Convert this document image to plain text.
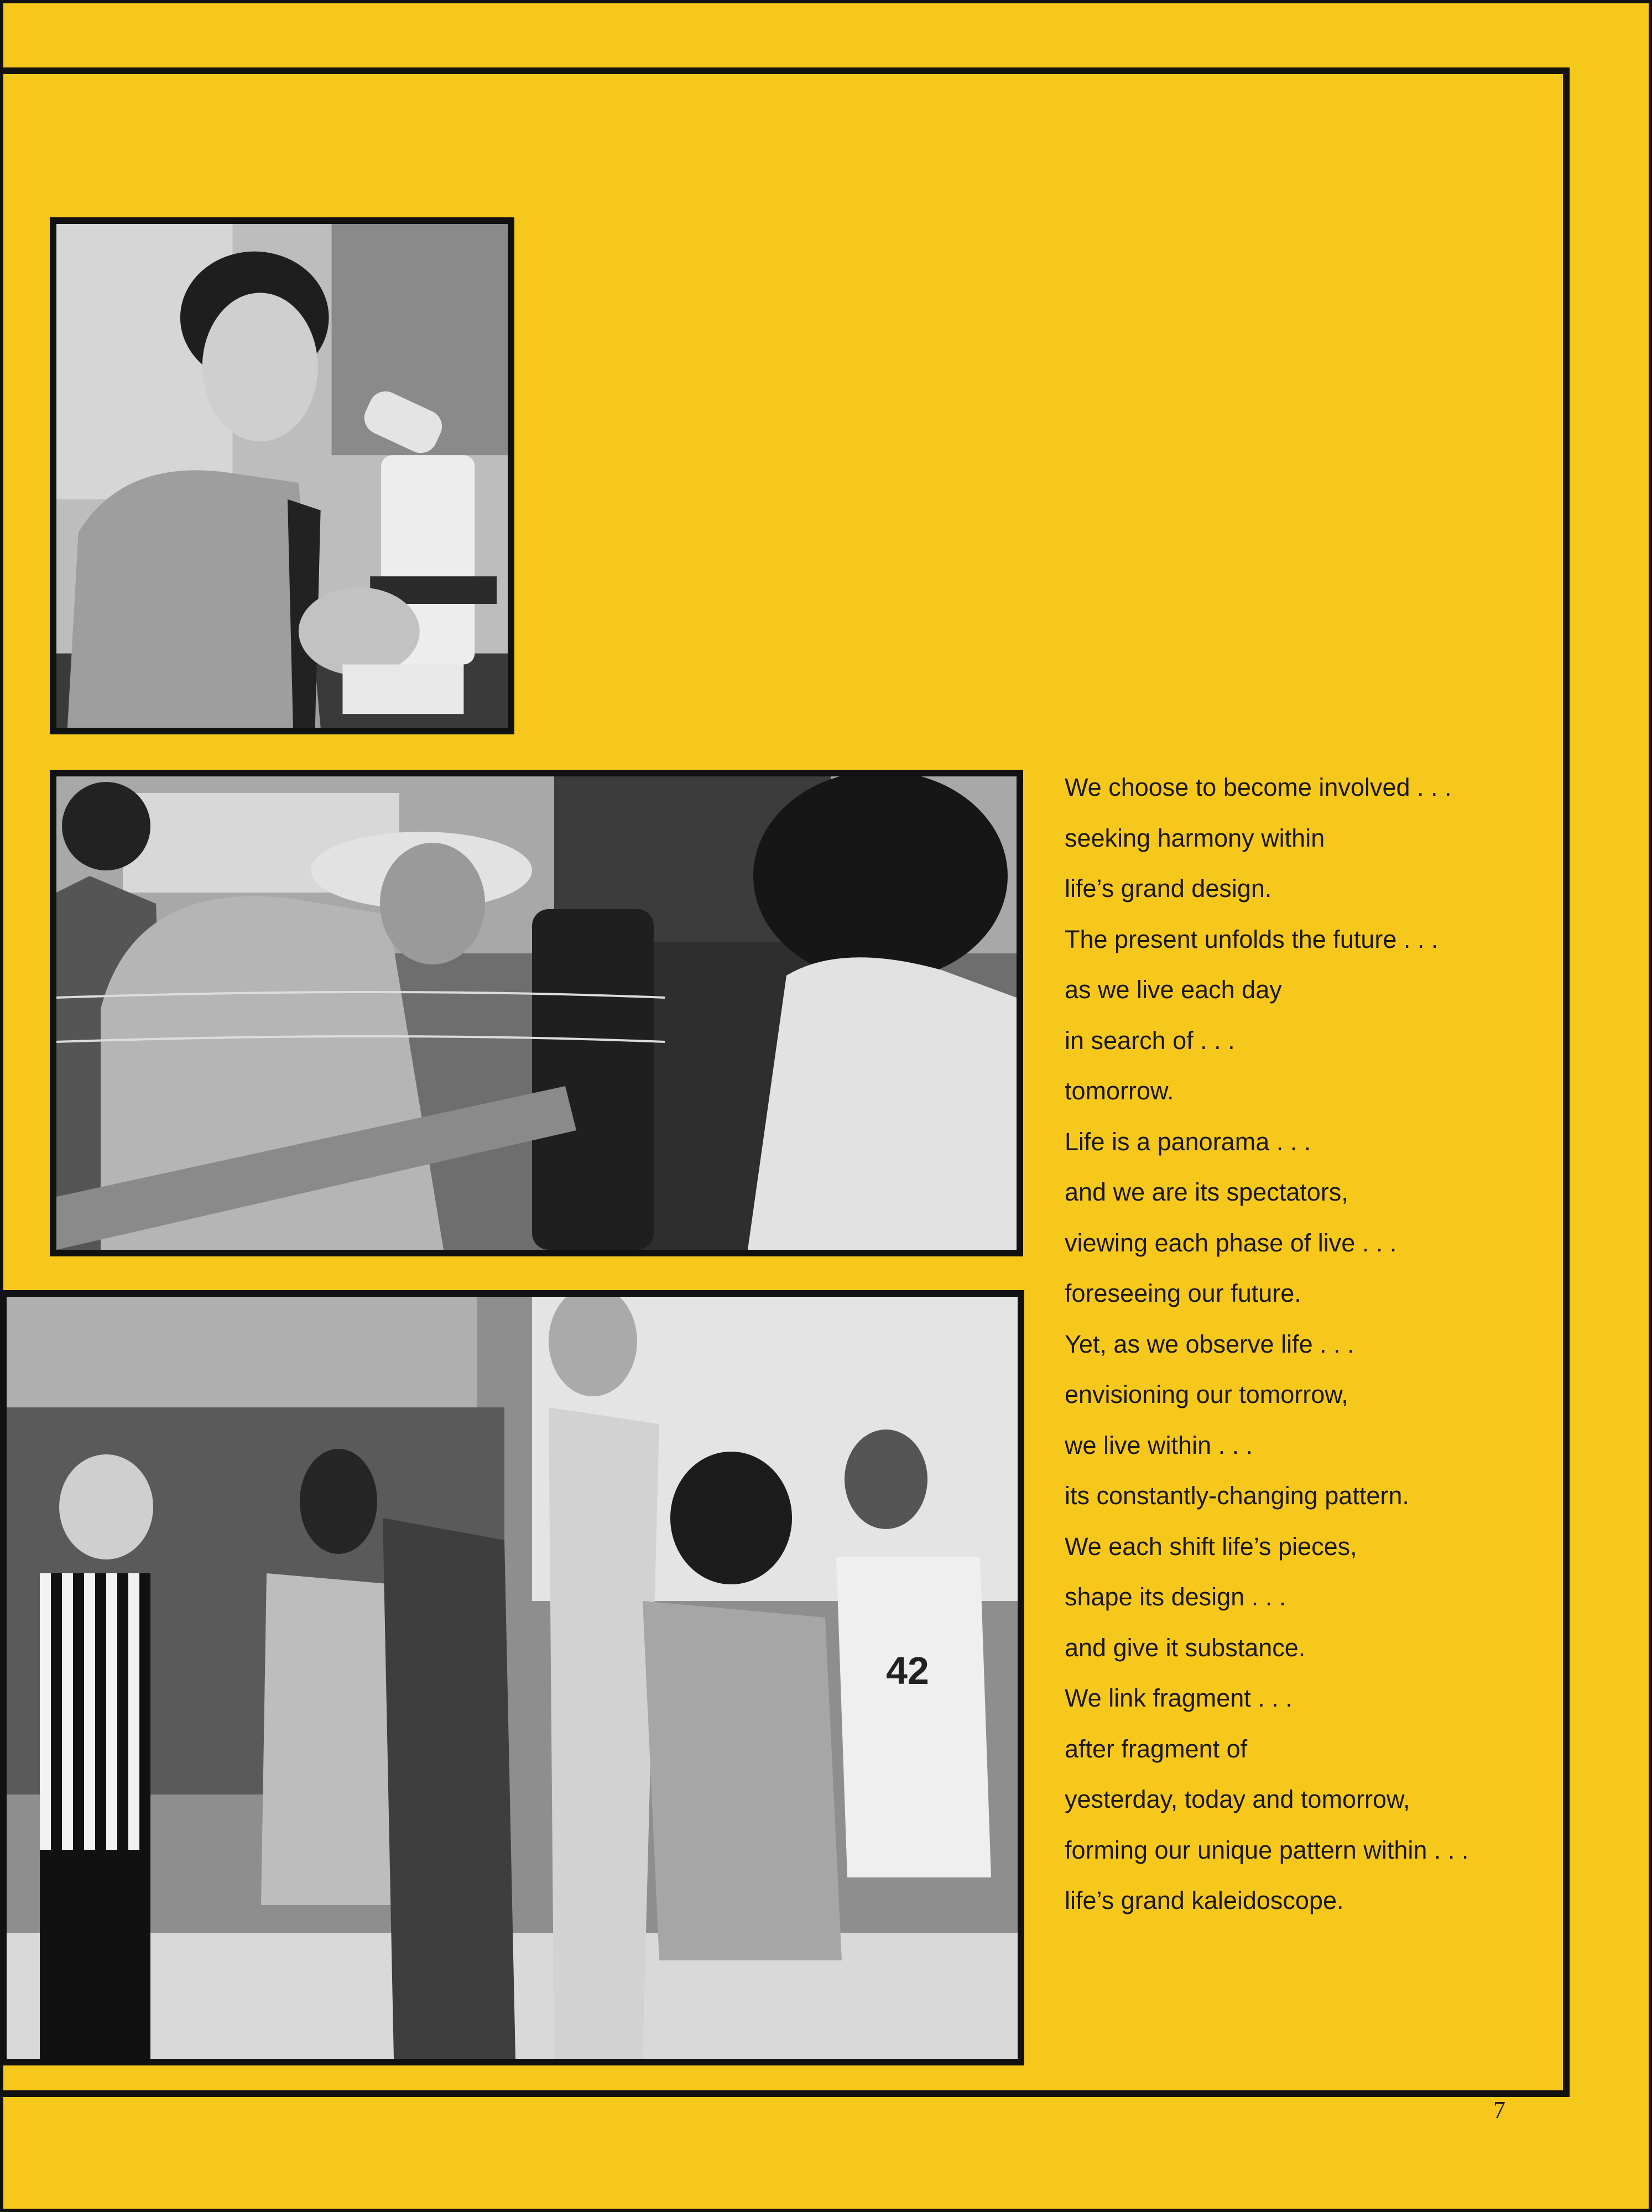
42
We choose to become involved . . .
seeking harmony within
life’s grand design.
The present unfolds the future . . .
as we live each day
in search of . . .
tomorrow.
Life is a panorama . . .
and we are its spectators,
viewing each phase of live . . .
foreseeing our future.
Yet, as we observe life . . .
envisioning our tomorrow,
we live within . . .
its constantly-changing pattern.
We each shift life’s pieces,
shape its design . . .
and give it substance.
We link fragment . . .
after fragment of
yesterday, today and tomorrow,
forming our unique pattern within . . .
life’s grand kaleidoscope.
7
